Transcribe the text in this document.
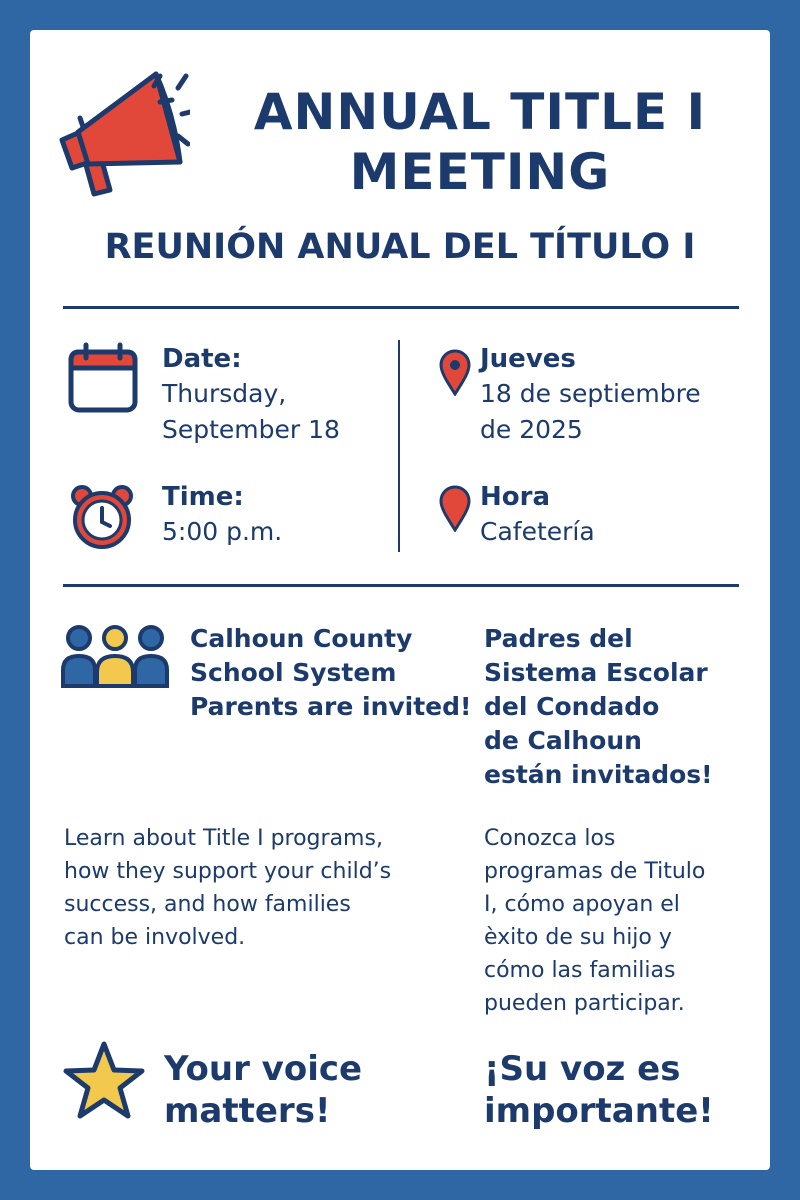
ANNUAL TITLE I
MEETING
REUNIÓN ANUAL DEL TÍTULO I
Date:
Thursday,
September 18
Time:
5:00 p.m.
Jueves
18 de septiembre
de 2025
Hora
Cafetería
Calhoun County
School System
Parents are invited!
Padres del
Sistema Escolar
del Condado
de Calhoun
están invitados!
Learn about Title I programs,
how they support your child’s
success, and how families
can be involved.
Conozca los
programas de Titulo
I, cómo apoyan el
èxito de su hijo y
cómo las familias
pueden participar.
Your voice
matters!
¡Su voz es
importante!
